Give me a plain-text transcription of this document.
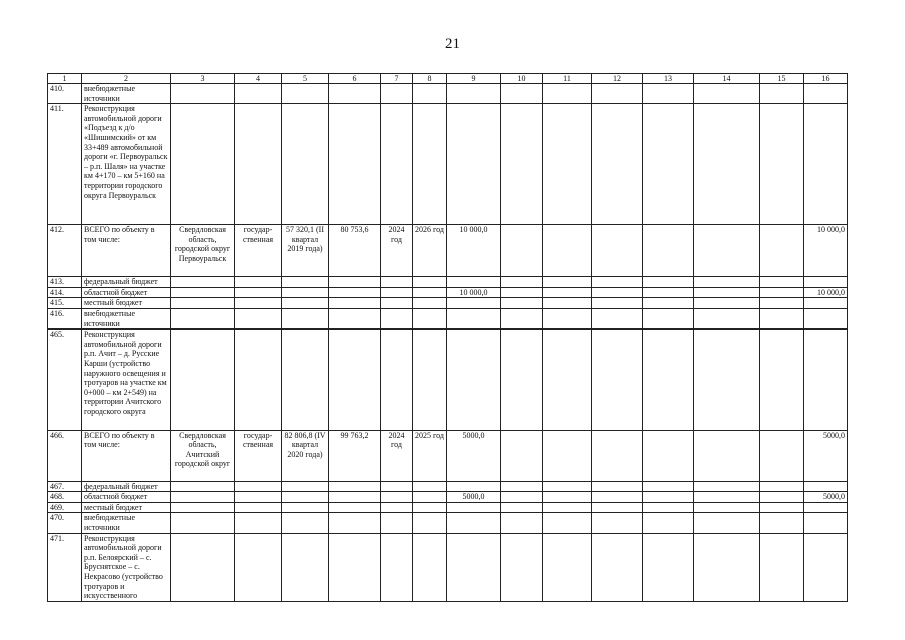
21
1	2	3	4	5	6	7	8	9	10	11	12	13	14	15	16
410.	внебюджетные источники														
411.	Реконструкция автомобильной дороги «Подъезд к д/о «Шишимский» от км 33+489 автомобильной дороги «г. Первоуральск – р.п. Шаля» на участке км 4+170 – км 5+160 на территории городского округа Первоуральск														
412.	ВСЕГО по объекту в том числе:	Свердловская область, городской округ Первоуральск	государ-ственная	57 320,1 (II квартал 2019 года)	80 753,6	2024 год	2026 год	10 000,0							10 000,0
413.	федеральный бюджет														
414.	областной бюджет							10 000,0							10 000,0
415.	местный бюджет														
416.	внебюджетные источники														
465.	Реконструкция автомобильной дороги р.п. Ачит – д. Русские Карши (устройство наружного освещения и тротуаров на участке км 0+000 – км 2+549) на территории Ачитского городского округа														
466.	ВСЕГО по объекту в том числе:	Свердловская область, Ачитский городской округ	государ-ственная	82 806,8 (IV квартал 2020 года)	99 763,2	2024 год	2025 год	5000,0							5000,0
467.	федеральный бюджет														
468.	областной бюджет							5000,0							5000,0
469.	местный бюджет														
470.	внебюджетные источники														
471.	Реконструкция автомобильной дороги р.п. Белоярский – с. Бруснятское – с. Некрасово (устройство тротуаров и искусственного														
